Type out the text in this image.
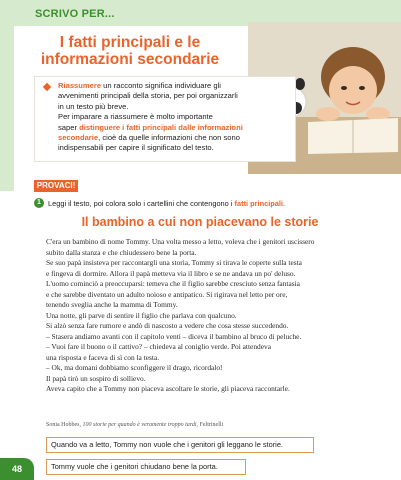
SCRIVO PER...
I fatti principali e le
informazioni secondarie
Riassumere un racconto significa individuare gli
avvenimenti principali della storia, per poi organizzarli
in un testo più breve.
Per imparare a riassumere è molto importante
saper distinguere i fatti principali dalle informazioni
secondarie, cioè da quelle informazioni che non sono
indispensabili per capire il significato del testo.
PROVACI!
1 Leggi il testo, poi colora solo i cartellini che contengono i fatti principali.
Il bambino a cui non piacevano le storie
C'era un bambino di nome Tommy. Una volta messo a letto, voleva che i genitori uscissero
subito dalla stanza e che chiudessero bene la porta.
Se suo papà insisteva per raccontargli una storia, Tommy si tirava le coperte sulla testa
e fingeva di dormire. Allora il papà metteva via il libro e se ne andava un po' deluso.
L'uomo cominciò a preoccuparsi: temeva che il figlio sarebbe cresciuto senza fantasia
e che sarebbe diventato un adulto noioso e antipatico. Si rigirava nel letto per ore,
tenendo sveglia anche la mamma di Tommy.
Una notte, gli parve di sentire il figlio che parlava con qualcuno.
Si alzò senza fare rumore e andò di nascosto a vedere che cosa stesse succedendo.
– Stasera andiamo avanti con il capitolo venti – diceva il bambino al bruco di peluche.
– Vuoi fare il buono o il cattivo? – chiedeva al coniglio verde. Poi attendeva
una risposta e faceva di sì con la testa.
– Ok, ma domani dobbiamo sconfiggere il drago, ricordalo!
Il papà tirò un sospiro di sollievo.
Aveva capito che a Tommy non piaceva ascoltare le storie, gli piaceva raccontarle.
Sonia Hobbes, 100 storie per quando è veramente troppo tardi, Feltrinelli
Quando va a letto, Tommy non vuole che i genitori gli leggano le storie.
Tommy vuole che i genitori chiudano bene la porta.
48
